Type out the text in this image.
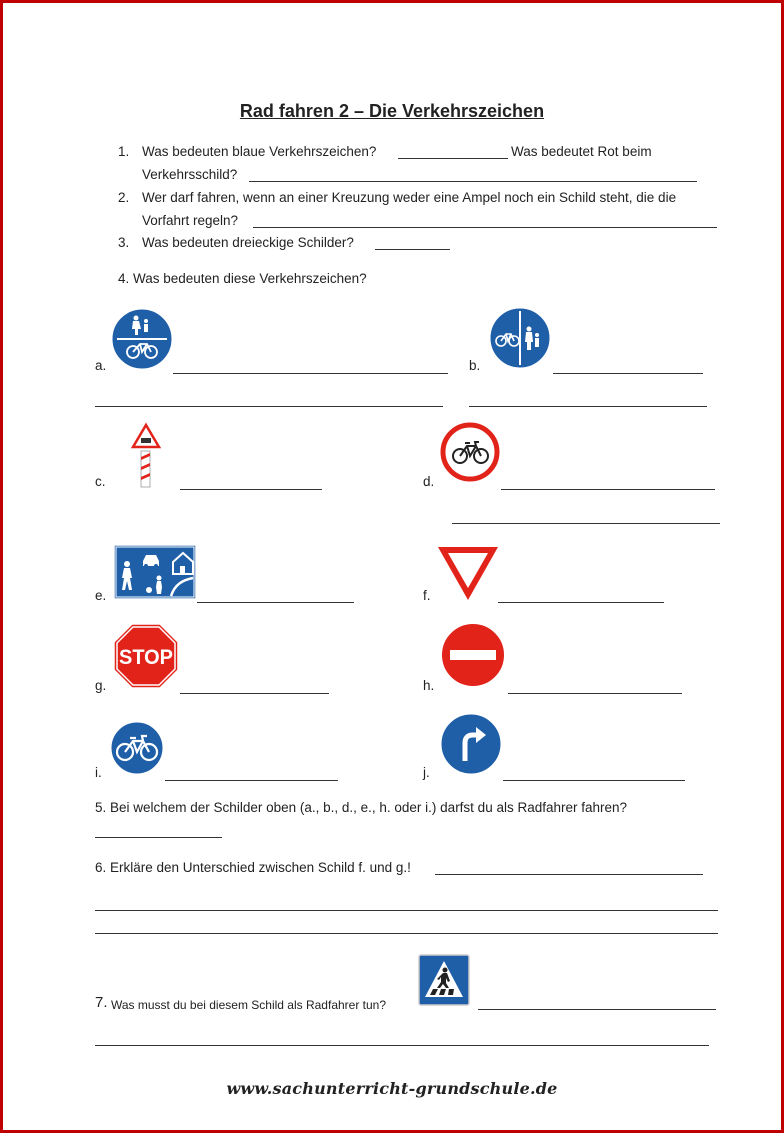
Rad fahren 2 – Die Verkehrszeichen
1. Was bedeuten blaue Verkehrszeichen?	Was bedeutet Rot beim
Verkehrsschild?
2. Wer darf fahren, wenn an einer Kreuzung weder eine Ampel noch ein Schild steht, die die
Vorfahrt regeln?
3. Was bedeuten dreieckige Schilder?
4. Was bedeuten diese Verkehrszeichen?
a.	b.
c.	d.
e.	f.
STOP
g.	h.
i.	j.
5. Bei welchem der Schilder oben (a., b., d., e., h. oder i.) darfst du als Radfahrer fahren?
6. Erkläre den Unterschied zwischen Schild f. und g.!
7. Was musst du bei diesem Schild als Radfahrer tun?
www.sachunterricht-grundschule.de
